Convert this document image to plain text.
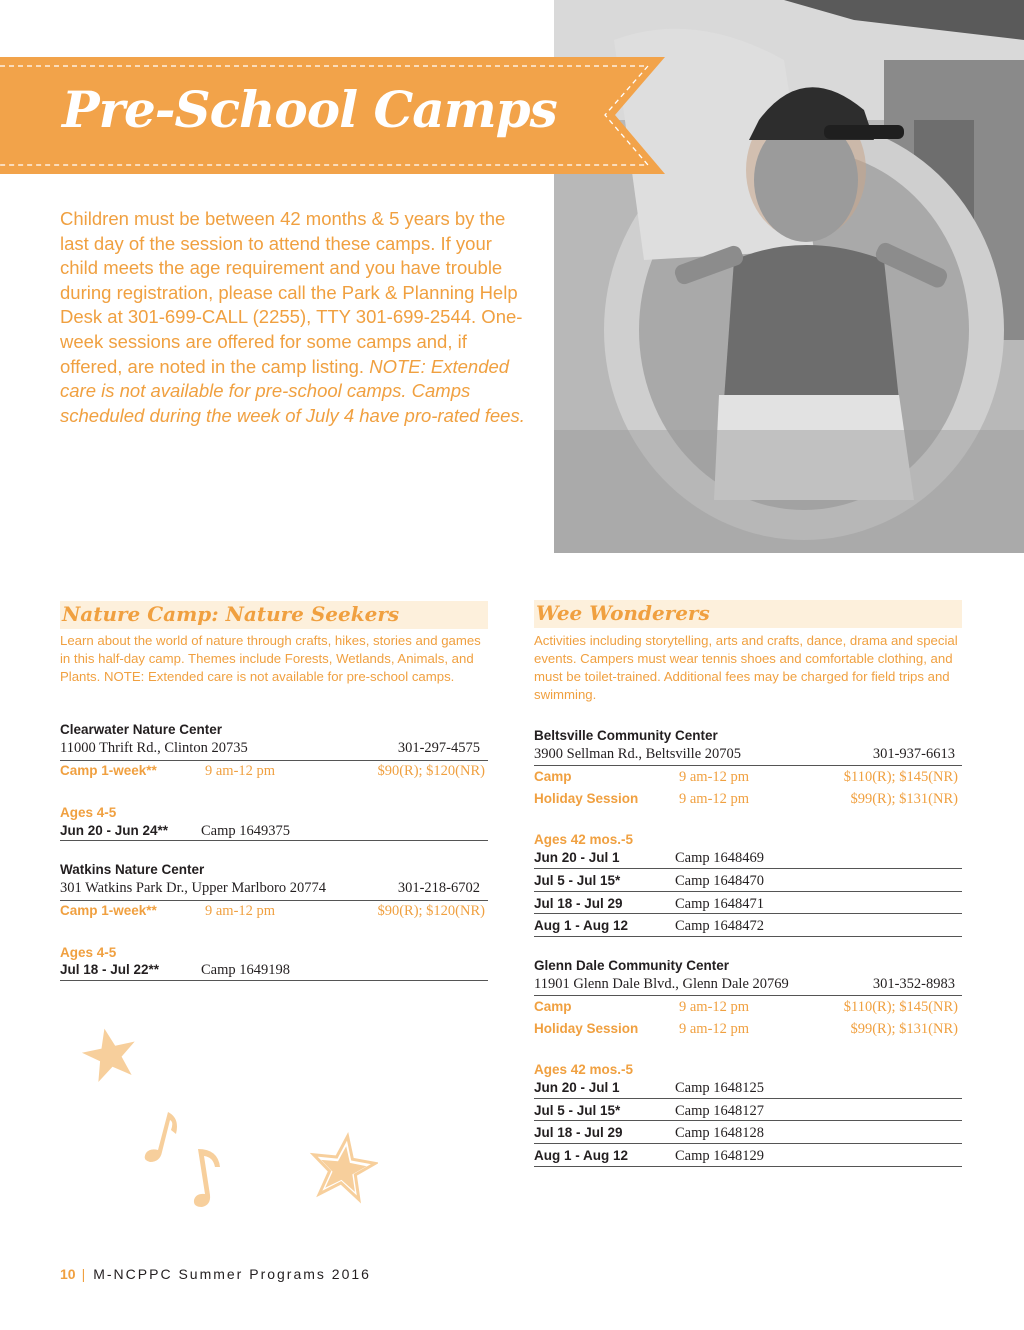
Pre-School Camps
Children must be between 42 months & 5 years by the last day of the session to attend these camps. If your child meets the age requirement and you have trouble during registration, please call the Park & Planning Help Desk at 301-699-CALL (2255), TTY 301-699-2544. One-week sessions are offered for some camps and, if offered, are noted in the camp listing. NOTE: Extended care is not available for pre-school camps. Camps scheduled during the week of July 4 have pro-rated fees.
Nature Camp: Nature Seekers
Learn about the world of nature through crafts, hikes, stories and games in this half-day camp. Themes include Forests, Wetlands, Animals, and Plants. NOTE: Extended care is not available for pre-school camps.
Clearwater Nature Center
11000 Thrift Rd., Clinton 20735	301-297-4575
Camp 1-week**	9 am-12 pm	$90(R); $120(NR)
Ages 4-5
Jun 20 - Jun 24** Camp 1649375
Watkins Nature Center
301 Watkins Park Dr., Upper Marlboro 20774	301-218-6702
Camp 1-week**	9 am-12 pm	$90(R); $120(NR)
Ages 4-5
Jul 18 - Jul 22**	Camp 1649198
Wee Wonderers
Activities including storytelling, arts and crafts, dance, drama and special events. Campers must wear tennis shoes and comfortable clothing, and must be toilet-trained. Additional fees may be charged for field trips and swimming.
Beltsville Community Center
3900 Sellman Rd., Beltsville 20705	301-937-6613
Camp	9 am-12 pm	$110(R); $145(NR)
Holiday Session	9 am-12 pm	$99(R); $131(NR)
Ages 42 mos.-5
Jun 20 - Jul 1	Camp 1648469
Jul 5 - Jul 15*	Camp 1648470
Jul 18 - Jul 29	Camp 1648471
Aug 1 - Aug 12	Camp 1648472
Glenn Dale Community Center
11901 Glenn Dale Blvd., Glenn Dale 20769	301-352-8983
Camp	9 am-12 pm	$110(R); $145(NR)
Holiday Session	9 am-12 pm	$99(R); $131(NR)
Ages 42 mos.-5
Jun 20 - Jul 1	Camp 1648125
Jul 5 - Jul 15*	Camp 1648127
Jul 18 - Jul 29	Camp 1648128
Aug 1 - Aug 12	Camp 1648129
10 | M-NCPPC Summer Programs 2016
